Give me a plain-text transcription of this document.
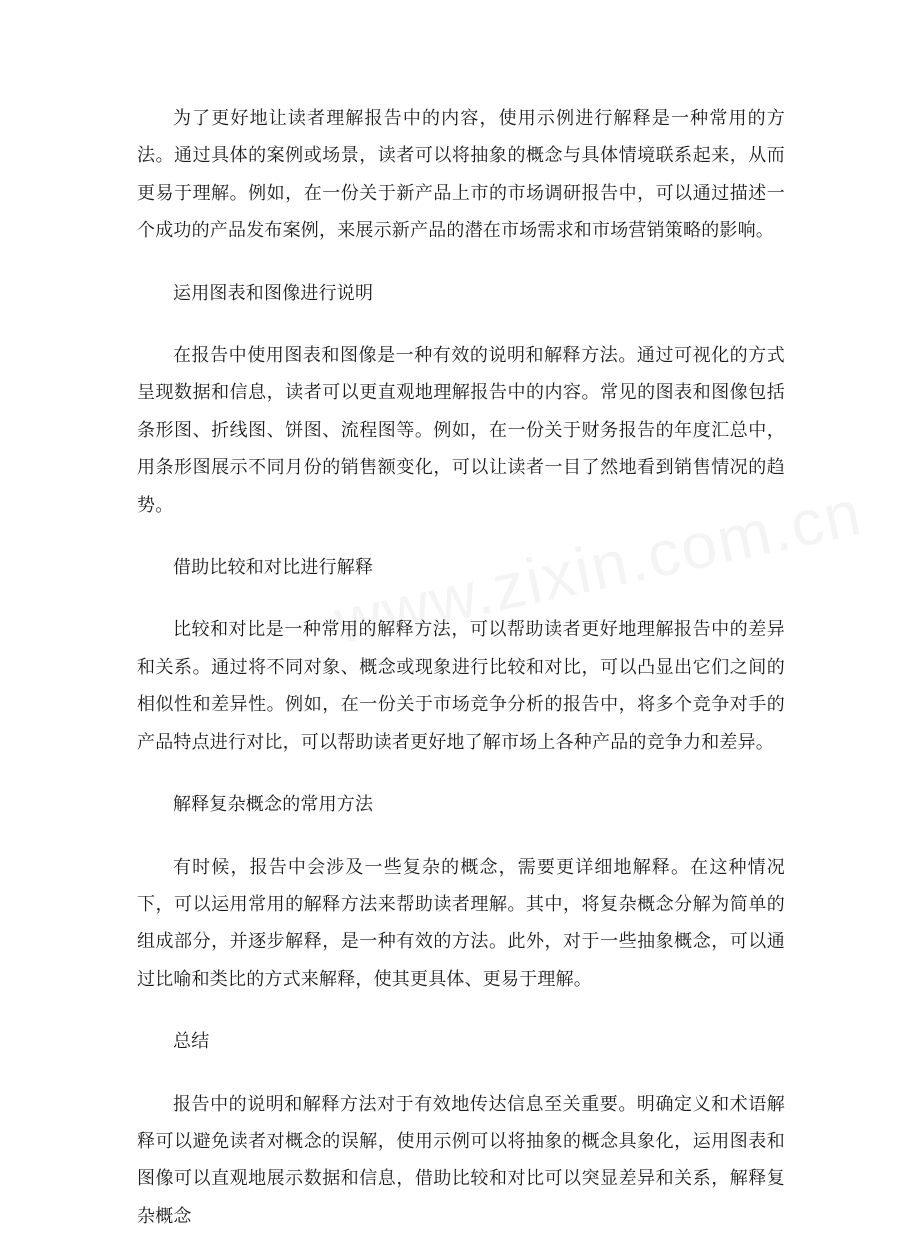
为了更好地让读者理解报告中的内容，使用示例进行解释是一种常用的方法。通过具体的案例或场景，读者可以将抽象的概念与具体情境联系起来，从而更易于理解。例如，在一份关于新产品上市的市场调研报告中，可以通过描述一个成功的产品发布案例，来展示新产品的潜在市场需求和市场营销策略的影响。

运用图表和图像进行说明

在报告中使用图表和图像是一种有效的说明和解释方法。通过可视化的方式呈现数据和信息，读者可以更直观地理解报告中的内容。常见的图表和图像包括条形图、折线图、饼图、流程图等。例如，在一份关于财务报告的年度汇总中，用条形图展示不同月份的销售额变化，可以让读者一目了然地看到销售情况的趋势。

借助比较和对比进行解释

比较和对比是一种常用的解释方法，可以帮助读者更好地理解报告中的差异和关系。通过将不同对象、概念或现象进行比较和对比，可以凸显出它们之间的相似性和差异性。例如，在一份关于市场竞争分析的报告中，将多个竞争对手的产品特点进行对比，可以帮助读者更好地了解市场上各种产品的竞争力和差异。

解释复杂概念的常用方法

有时候，报告中会涉及一些复杂的概念，需要更详细地解释。在这种情况下，可以运用常用的解释方法来帮助读者理解。其中，将复杂概念分解为简单的组成部分，并逐步解释，是一种有效的方法。此外，对于一些抽象概念，可以通过比喻和类比的方式来解释，使其更具体、更易于理解。

总结

报告中的说明和解释方法对于有效地传达信息至关重要。明确定义和术语解释可以避免读者对概念的误解，使用示例可以将抽象的概念具象化，运用图表和图像可以直观地展示数据和信息，借助比较和对比可以突显差异和关系，解释复杂概念
